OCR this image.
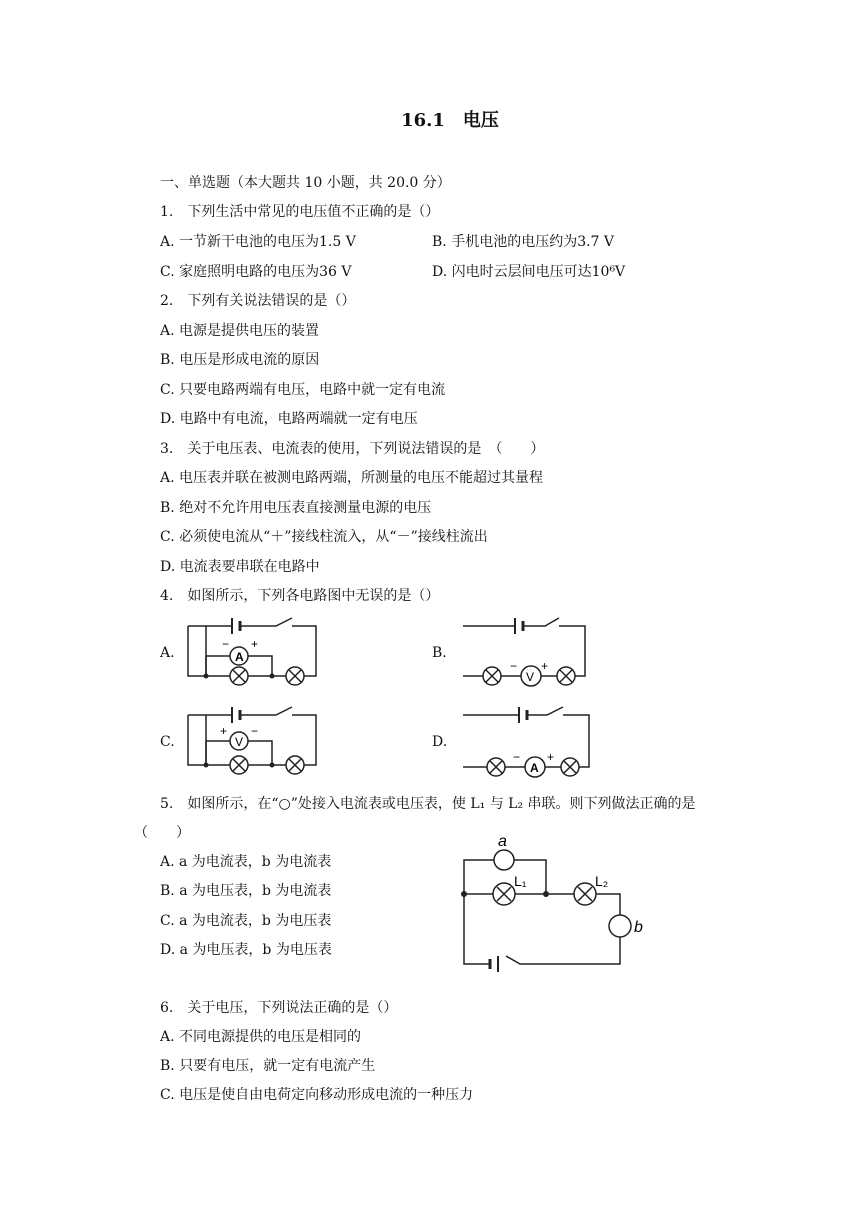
16.1　电压
一、单选题（本大题共 10 小题，共 20.0 分）
1.　下列生活中常见的电压值不正确的是（）
A. 一节新干电池的电压为1.5 V	B. 手机电池的电压约为3.7 V
C. 家庭照明电路的电压为36 V	D. 闪电时云层间电压可达10⁶V
2.　下列有关说法错误的是（）
A. 电源是提供电压的装置
B. 电压是形成电流的原因
C. 只要电路两端有电压，电路中就一定有电流
D. 电路中有电流，电路两端就一定有电压
3.　关于电压表、电流表的使用，下列说法错误的是　（　　）
A. 电压表并联在被测电路两端，所测量的电压不能超过其量程
B. 绝对不允许用电压表直接测量电源的电压
C. 必须使电流从“＋”接线柱流入，从“－”接线柱流出
D. 电流表要串联在电路中
4.　如图所示，下列各电路图中无误的是（）
A.	A
− +
B.
V
− +
C.	V
+ −
D.
A
− +
5.　如图所示，在“○”处接入电流表或电压表，使 L₁ 与 L₂ 串联。则下列做法正确的是
（　　）
A. a 为电流表，b 为电流表
B. a 为电压表，b 为电流表
C. a 为电流表，b 为电压表
D. a 为电压表，b 为电压表
a
b
L₁	L₂
6.　关于电压，下列说法正确的是（）
A. 不同电源提供的电压是相同的
B. 只要有电压，就一定有电流产生
C. 电压是使自由电荷定向移动形成电流的一种压力
